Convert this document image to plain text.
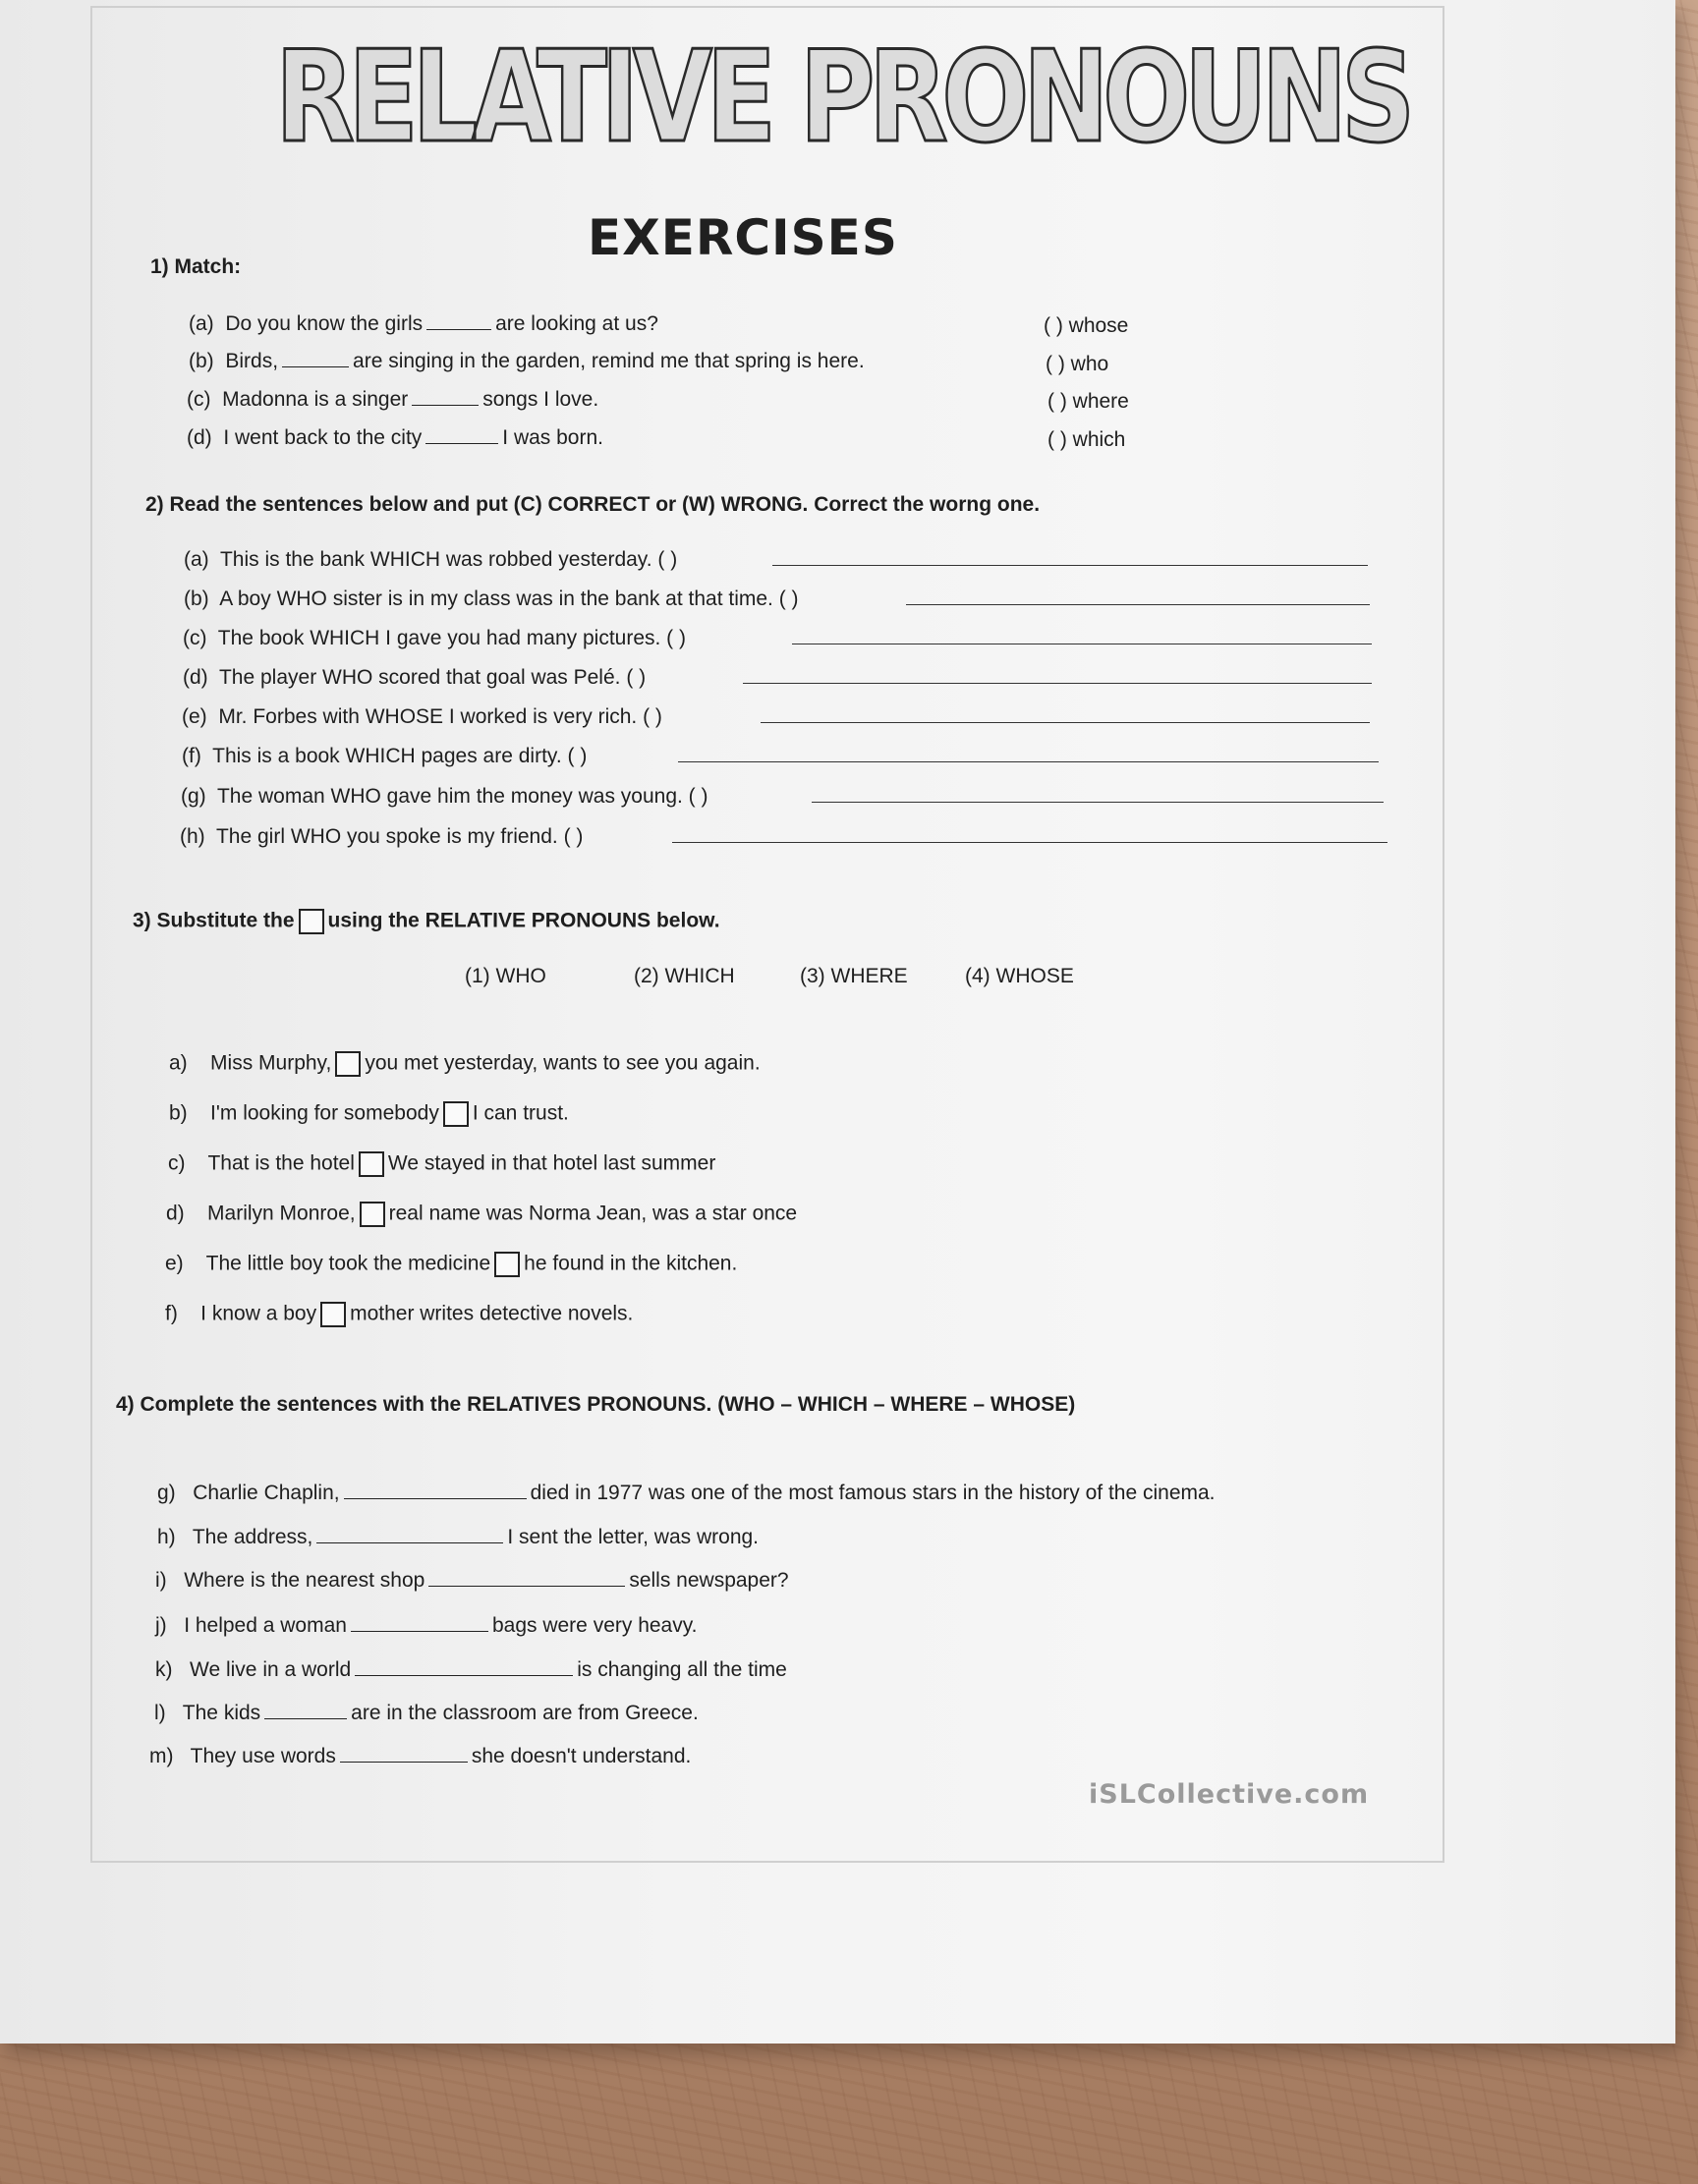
RELATIVE PRONOUNS
EXERCISES
1) Match:
(a) Do you know the girls	are looking at us?
(b) Birds,	are singing in the garden, remind me that spring is here.
(c) Madonna is a singer	songs I love.
(d) I went back to the city	I was born.
( ) whose
( ) who
( ) where
( ) which
2) Read the sentences below and put (C) CORRECT or (W) WRONG. Correct the worng one.
(a) This is the bank WHICH was robbed yesterday. ( )
(b) A boy WHO sister is in my class was in the bank at that time. ( )
(c) The book WHICH I gave you had many pictures. ( )
(d) The player WHO scored that goal was Pelé. ( )
(e) Mr. Forbes with WHOSE I worked is very rich. ( )
(f) This is a book WHICH pages are dirty. ( )
(g) The woman WHO gave him the money was young. ( )
(h) The girl WHO you spoke is my friend. ( )
3) Substitute the using the RELATIVE PRONOUNS below.
(1) WHO	(2) WHICH	(3) WHERE	(4) WHOSE
a) Miss Murphy, you met yesterday, wants to see you again.
b) I'm looking for somebody I can trust.
c) That is the hotel We stayed in that hotel last summer
d) Marilyn Monroe, real name was Norma Jean, was a star once
e) The little boy took the medicine he found in the kitchen.
f) I know a boy mother writes detective novels.
4) Complete the sentences with the RELATIVES PRONOUNS. (WHO – WHICH – WHERE – WHOSE)
g) Charlie Chaplin,	died in 1977 was one of the most famous stars in the history of the cinema.
h) The address,	I sent the letter, was wrong.
i) Where is the nearest shop	sells newspaper?
j) I helped a woman	bags were very heavy.
k) We live in a world	is changing all the time
l) The kids	are in the classroom are from Greece.
m) They use words	she doesn't understand.
iSLCollective.com
